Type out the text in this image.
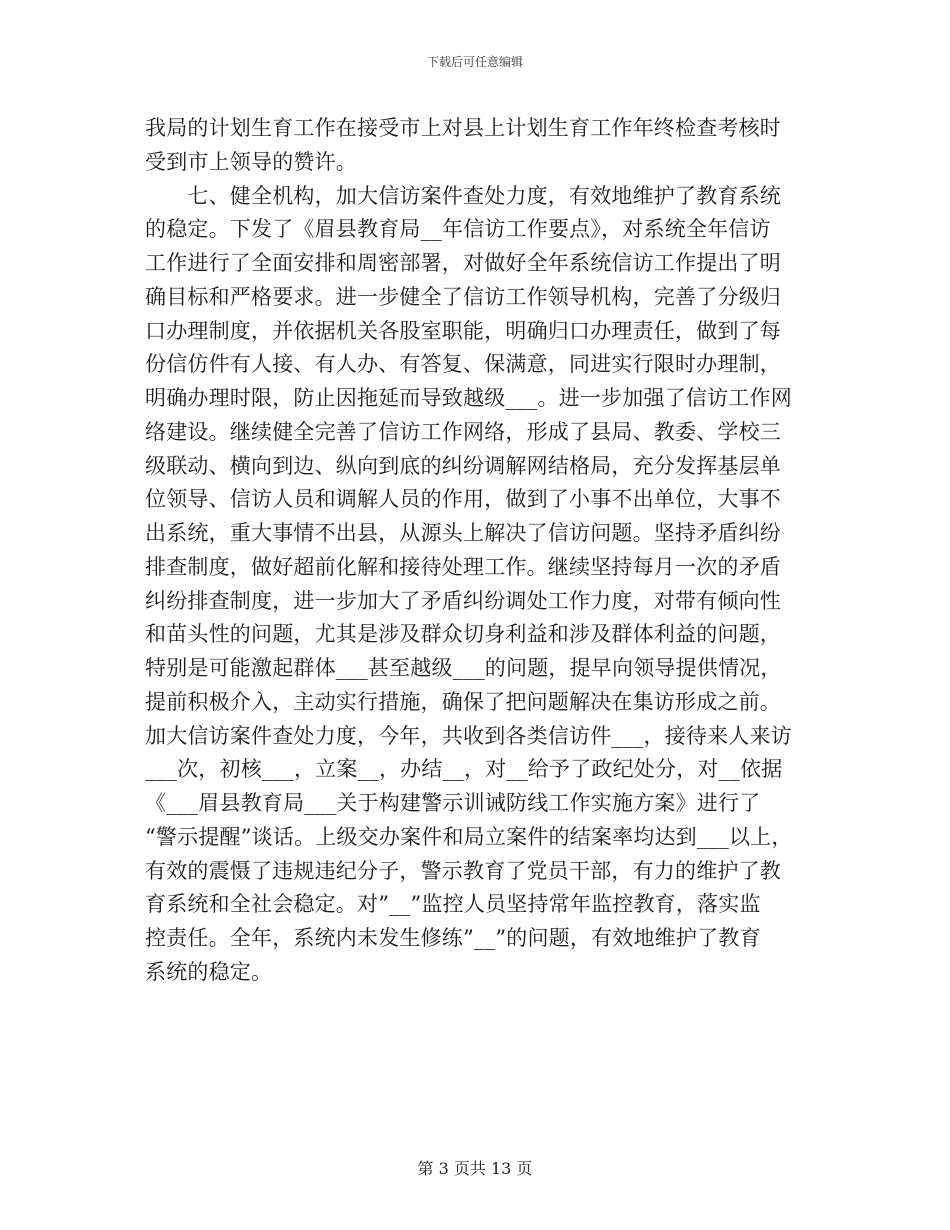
下载后可任意编辑
我局的计划生育工作在接受市上对县上计划生育工作年终检查考核时
受到市上领导的赞许。
　　七、健全机构，加大信访案件查处力度，有效地维护了教育系统
的稳定。下发了《眉县教育局__年信访工作要点》，对系统全年信访
工作进行了全面安排和周密部署，对做好全年系统信访工作提出了明
确目标和严格要求。进一步健全了信访工作领导机构，完善了分级归
口办理制度，并依据机关各股室职能，明确归口办理责任，做到了每
份信仿件有人接、有人办、有答复、保满意，同进实行限时办理制，
明确办理时限，防止因拖延而导致越级___。进一步加强了信访工作网
络建设。继续健全完善了信访工作网络，形成了县局、教委、学校三
级联动、横向到边、纵向到底的纠纷调解网结格局，充分发挥基层单
位领导、信访人员和调解人员的作用，做到了小事不出单位，大事不
出系统，重大事情不出县，从源头上解决了信访问题。坚持矛盾纠纷
排查制度，做好超前化解和接待处理工作。继续坚持每月一次的矛盾
纠纷排查制度，进一步加大了矛盾纠纷调处工作力度，对带有倾向性
和苗头性的问题，尤其是涉及群众切身利益和涉及群体利益的问题，
特别是可能激起群体___甚至越级___的问题，提早向领导提供情况，
提前积极介入，主动实行措施，确保了把问题解决在集访形成之前。
加大信访案件查处力度，今年，共收到各类信访件___，接待来人来访
___次，初核___，立案__，办结__，对__给予了政纪处分，对__依据
《___眉县教育局___关于构建警示训诫防线工作实施方案》进行了
“警示提醒”谈话。上级交办案件和局立案件的结案率均达到___以上，
有效的震慑了违规违纪分子，警示教育了党员干部，有力的维护了教
育系统和全社会稳定。对”__”监控人员坚持常年监控教育，落实监
控责任。全年，系统内未发生修练”__”的问题，有效地维护了教育
系统的稳定。
第 3 页共 13 页
